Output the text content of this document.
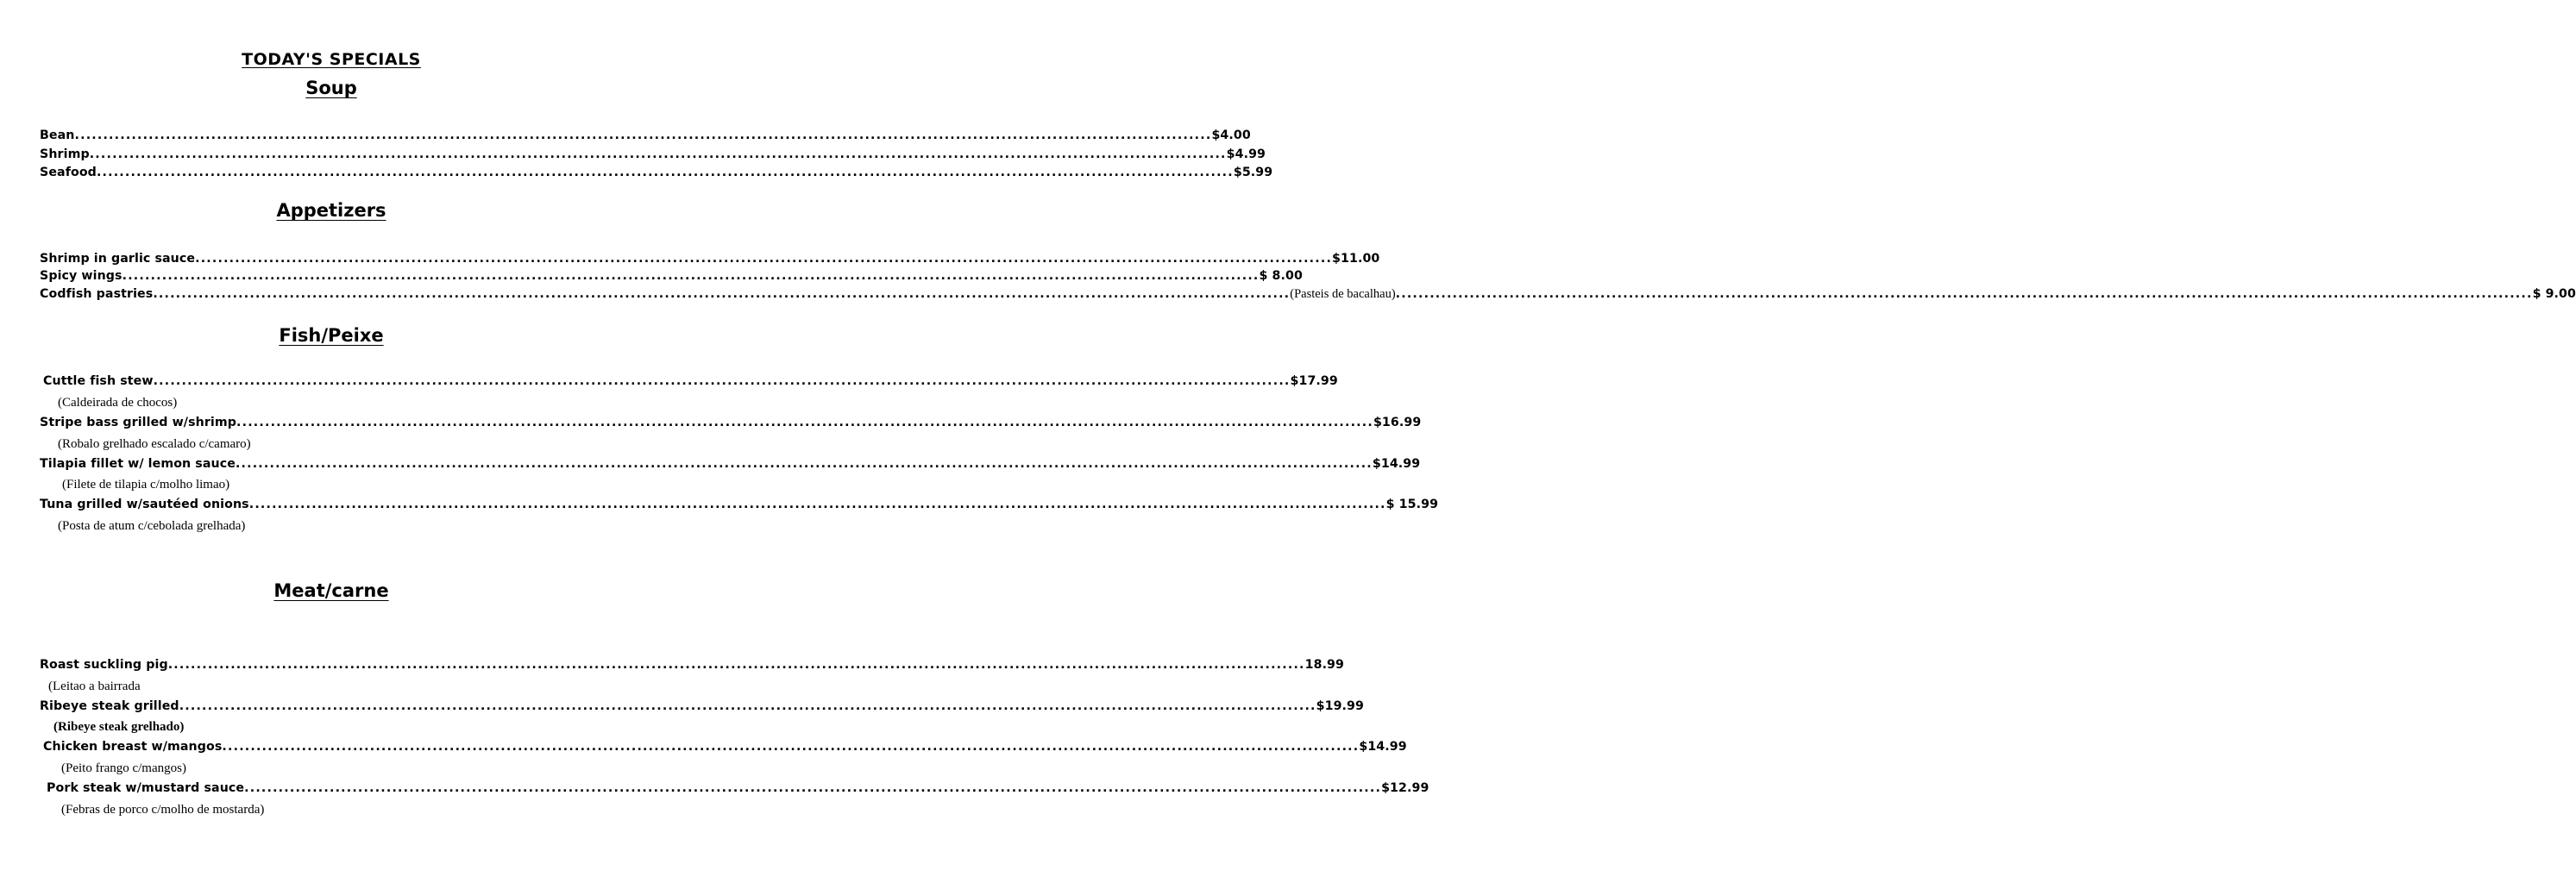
TODAY'S SPECIALS
Soup
Bean ........................................................................................................................................................................................................ $4.00
Shrimp ........................................................................................................................................................................................................ $4.99
Seafood ........................................................................................................................................................................................................ $5.99
Appetizers
Shrimp in garlic sauce ........................................................................................................................................................................................................ $11.00
Spicy wings ........................................................................................................................................................................................................ $ 8.00
Codfish pastries ........................................................................................................................................................................................................ (Pasteis de bacalhau) ........................................................................................................................................................................................................ $ 9.00
Fish/Peixe
Cuttle fish stew ........................................................................................................................................................................................................ $17.99
(Caldeirada de chocos)
Stripe bass grilled w/shrimp ........................................................................................................................................................................................................ $16.99
(Robalo grelhado escalado c/camaro)
Tilapia fillet w/ lemon sauce ........................................................................................................................................................................................................ $14.99
(Filete de tilapia c/molho limao)
Tuna grilled w/sautéed onions ........................................................................................................................................................................................................ $ 15.99
(Posta de atum c/cebolada grelhada)
Meat/carne
Roast suckling pig ........................................................................................................................................................................................................ 18.99
(Leitao a bairrada
Ribeye steak grilled ........................................................................................................................................................................................................ $19.99
(Ribeye steak grelhado)
Chicken breast w/mangos ........................................................................................................................................................................................................ $14.99
(Peito frango c/mangos)
Pork steak w/mustard sauce ........................................................................................................................................................................................................ $12.99
(Febras de porco c/molho de mostarda)
